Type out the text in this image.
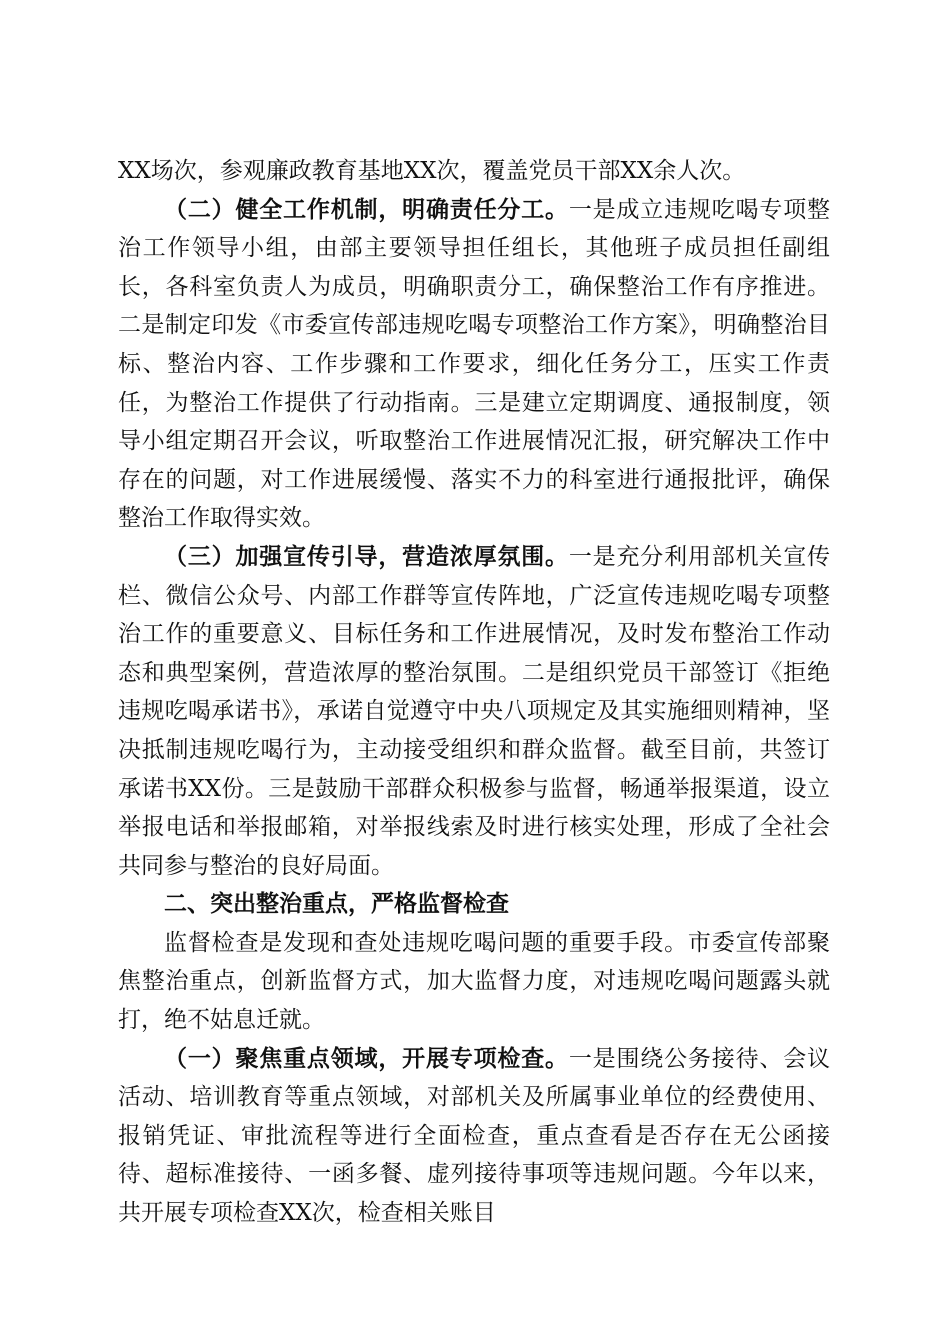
XX场次，参观廉政教育基地XX次，覆盖党员干部XX余人次。

（二）健全工作机制，明确责任分工。一是成立违规吃喝专项整治工作领导小组，由部主要领导担任组长，其他班子成员担任副组长，各科室负责人为成员，明确职责分工，确保整治工作有序推进。二是制定印发《市委宣传部违规吃喝专项整治工作方案》，明确整治目标、整治内容、工作步骤和工作要求，细化任务分工，压实工作责任，为整治工作提供了行动指南。三是建立定期调度、通报制度，领导小组定期召开会议，听取整治工作进展情况汇报，研究解决工作中存在的问题，对工作进展缓慢、落实不力的科室进行通报批评，确保整治工作取得实效。

（三）加强宣传引导，营造浓厚氛围。一是充分利用部机关宣传栏、微信公众号、内部工作群等宣传阵地，广泛宣传违规吃喝专项整治工作的重要意义、目标任务和工作进展情况，及时发布整治工作动态和典型案例，营造浓厚的整治氛围。二是组织党员干部签订《拒绝违规吃喝承诺书》，承诺自觉遵守中央八项规定及其实施细则精神，坚决抵制违规吃喝行为，主动接受组织和群众监督。截至目前，共签订承诺书XX份。三是鼓励干部群众积极参与监督，畅通举报渠道，设立举报电话和举报邮箱，对举报线索及时进行核实处理，形成了全社会共同参与整治的良好局面。

二、突出整治重点，严格监督检查

监督检查是发现和查处违规吃喝问题的重要手段。市委宣传部聚焦整治重点，创新监督方式，加大监督力度，对违规吃喝问题露头就打，绝不姑息迁就。

（一）聚焦重点领域，开展专项检查。一是围绕公务接待、会议活动、培训教育等重点领域，对部机关及所属事业单位的经费使用、报销凭证、审批流程等进行全面检查，重点查看是否存在无公函接待、超标准接待、一函多餐、虚列接待事项等违规问题。今年以来，共开展专项检查XX次，检查相关账目
